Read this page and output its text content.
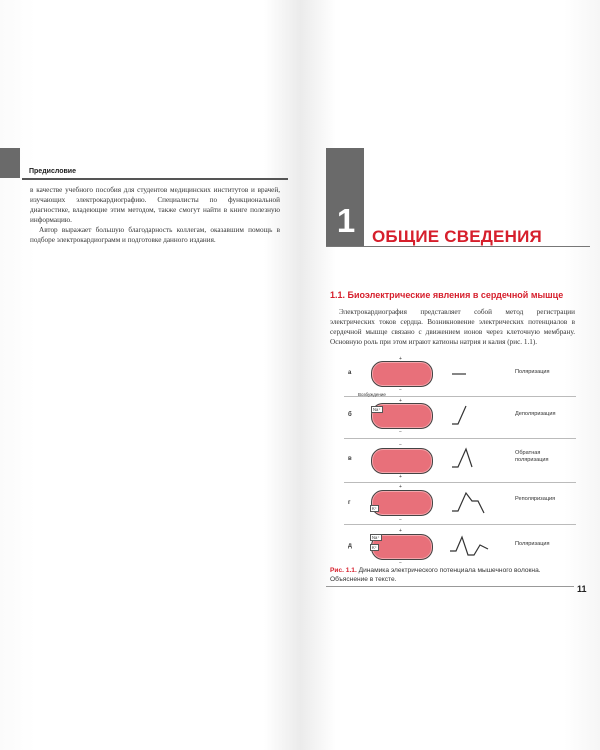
Предисловие

в качестве учебного пособия для студентов медицинских институтов и врачей, изучающих электрокардиографию. Специалисты по функциональной диагностике, владеющие этим методом, также смогут найти в книге полезную информацию.

Автор выражает большую благодарность коллегам, оказавшим помощь в подборе электрокардиограмм и подготовке данного издания.

1 ОБЩИЕ СВЕДЕНИЯ
1.1. Биоэлектрические явления в сердечной мышце
Электрокардиография представляет собой метод регистрации электрических токов сердца. Возникновение электрических потенциалов в сердечной мышце связано с движением ионов через клеточную мембрану. Основную роль при этом играют катионы натрия и калия (рис. 1.1).
а
+
−
Поляризация
Возбуждение
б
Na⁺
+
−
Деполяризация
в
−
+
Обратная поляризация
г
K⁺
+
−
Реполяризация
д
Na⁺
K⁺
+
−
Поляризация
Рис. 1.1. Динамика электрического потенциала мышечного волокна. Объяснение в тексте.
11
